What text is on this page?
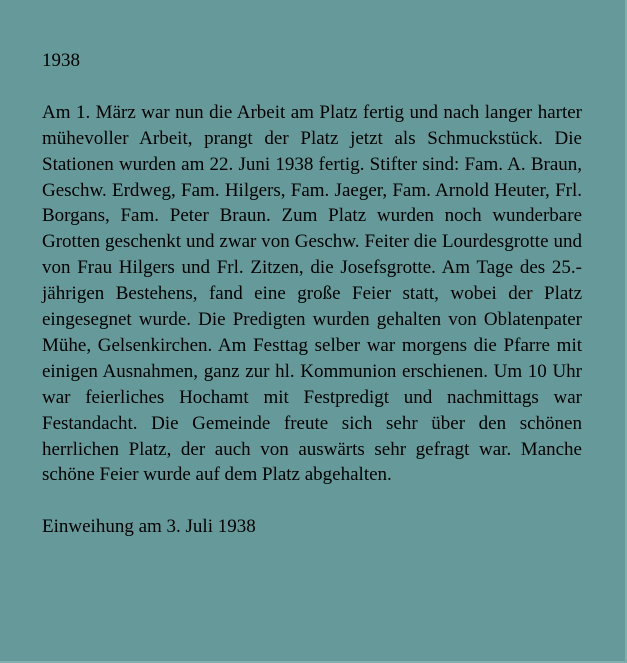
1938

Am 1. März war nun die Arbeit am Platz fertig und nach langer harter mühevoller Arbeit, prangt der Platz jetzt als Schmuckstück. Die Stationen wurden am 22. Juni 1938 fertig. Stifter sind: Fam. A. Braun, Geschw. Erdweg, Fam. Hilgers, Fam. Jaeger, Fam. Arnold Heuter, Frl. Borgans, Fam. Peter Braun. Zum Platz wurden noch wunderbare Grotten geschenkt und zwar von Geschw. Feiter die Lourdesgrotte und von Frau Hilgers und Frl. Zitzen, die Josefsgrotte. Am Tage des 25.- jährigen Bestehens, fand eine große Feier statt, wobei der Platz eingesegnet wurde. Die Predigten wurden gehalten von Oblatenpater Mühe, Gelsenkirchen. Am Festtag selber war morgens die Pfarre mit einigen Ausnahmen, ganz zur hl. Kommunion erschienen. Um 10 Uhr war feierliches Hochamt mit Festpredigt und nachmittags war Festandacht. Die Gemeinde freute sich sehr über den schönen herrlichen Platz, der auch von auswärts sehr gefragt war. Manche schöne Feier wurde auf dem Platz abgehalten.

Einweihung am 3. Juli 1938
